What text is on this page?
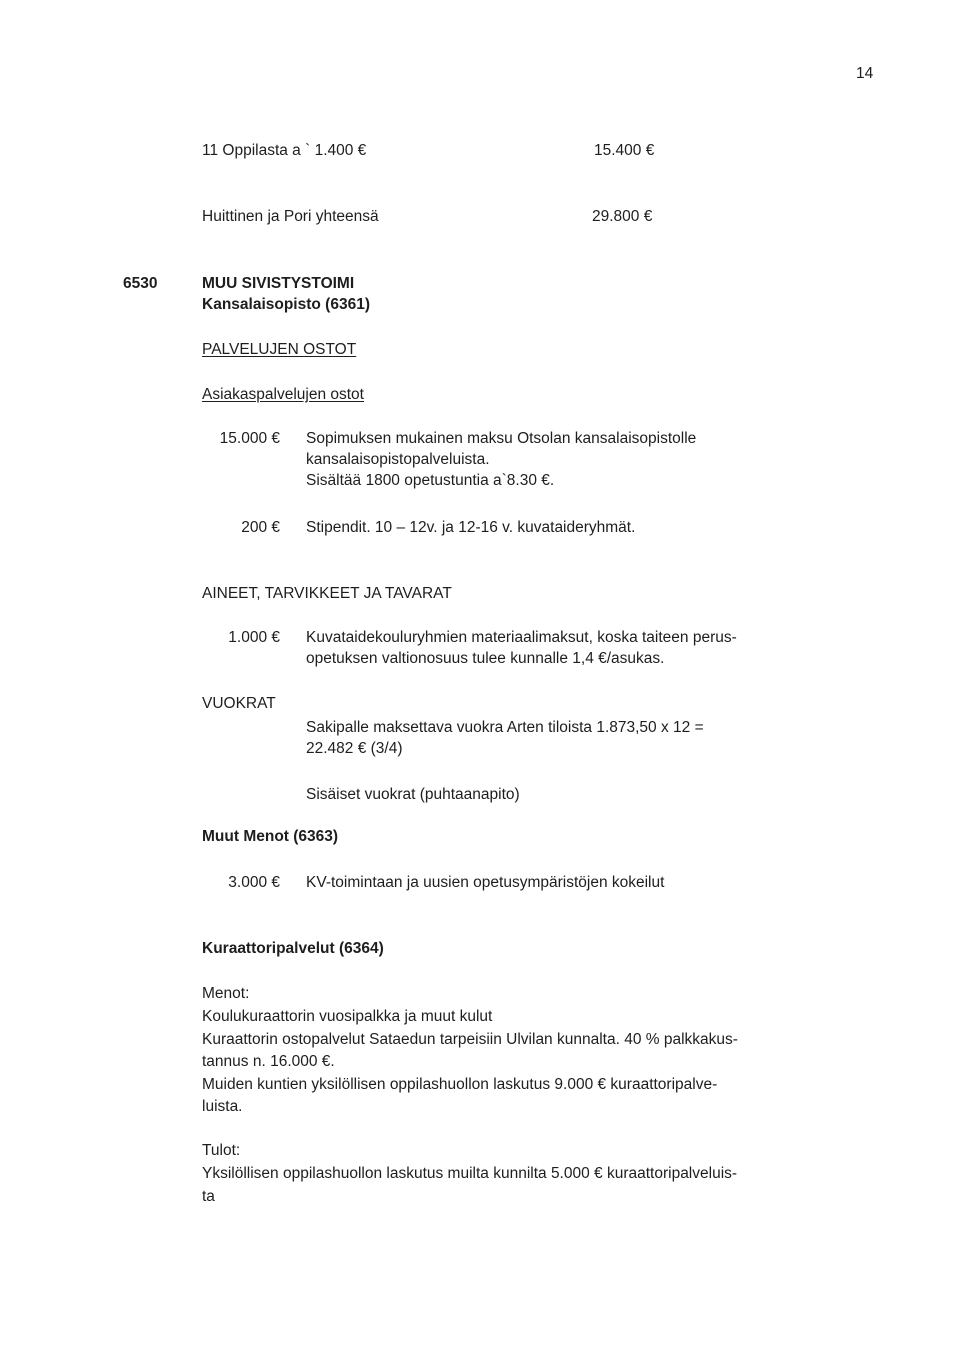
14

11 Oppilasta a ` 1.400 €	15.400 €

Huittinen ja Pori yhteensä	29.800 €

6530	MUU SIVISTYSTOIMI

Kansalaisopisto (6361)

PALVELUJEN OSTOT

Asiakaspalvelujen ostot

15.000 € Sopimuksen mukainen maksu Otsolan kansalaisopistolle

kansalaisopistopalveluista.

Sisältää 1800 opetustuntia a`8.30 €.

200 € Stipendit. 10 – 12v. ja 12-16 v. kuvataideryhmät.

AINEET, TARVIKKEET JA TAVARAT

1.000 € Kuvataidekouluryhmien materiaalimaksut, koska taiteen perus-

opetuksen valtionosuus tulee kunnalle 1,4 €/asukas.

VUOKRAT

Sakipalle maksettava vuokra Arten tiloista 1.873,50 x 12 =

22.482 € (3/4)

Sisäiset vuokrat (puhtaanapito)

Muut Menot (6363)

3.000 € KV-toimintaan ja uusien opetusympäristöjen kokeilut

Kuraattoripalvelut (6364)

Menot:

Koulukuraattorin vuosipalkka ja muut kulut

Kuraattorin ostopalvelut Sataedun tarpeisiin Ulvilan kunnalta. 40 % palkkakus-

tannus n. 16.000 €.

Muiden kuntien yksilöllisen oppilashuollon laskutus 9.000 € kuraattoripalve-

luista.

Tulot:

Yksilöllisen oppilashuollon laskutus muilta kunnilta 5.000 € kuraattoripalveluis-

ta
